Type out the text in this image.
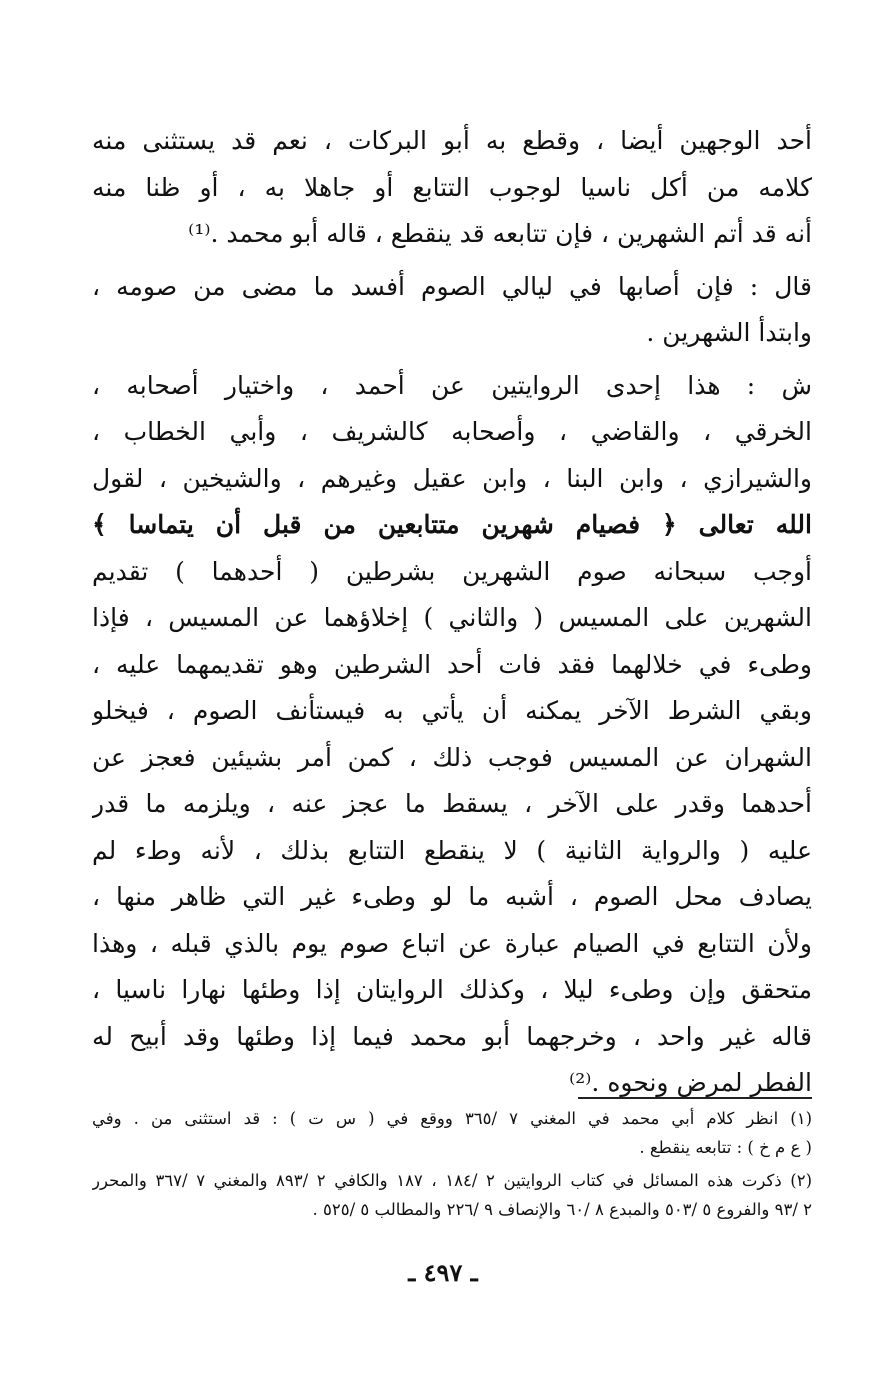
أحد الوجهين أيضا ، وقطع به أبو البركات ، نعم قد يستثنى منه
كلامه من أكل ناسيا لوجوب التتابع أو جاهلا به ، أو ظنا منه
أنه قد أتم الشهرين ، فإن تتابعه قد ينقطع ، قاله أبو محمد .⁽¹⁾
قال : فإن أصابها في ليالي الصوم أفسد ما مضى من صومه ،
وابتدأ الشهرين .
ش : هذا إحدى الروايتين عن أحمد ، واختيار أصحابه ،
الخرقي ، والقاضي ، وأصحابه كالشريف ، وأبي الخطاب ،
والشيرازي ، وابن البنا ، وابن عقيل وغيرهم ، والشيخين ، لقول
الله تعالى ﴿ فصيام شهرين متتابعين من قبل أن يتماسا ﴾
أوجب سبحانه صوم الشهرين بشرطين ( أحدهما ) تقديم
الشهرين على المسيس ( والثاني ) إخلاؤهما عن المسيس ، فإذا
وطىء في خلالهما فقد فات أحد الشرطين وهو تقديمهما عليه ،
وبقي الشرط الآخر يمكنه أن يأتي به فيستأنف الصوم ، فيخلو
الشهران عن المسيس فوجب ذلك ، كمن أمر بشيئين فعجز عن
أحدهما وقدر على الآخر ، يسقط ما عجز عنه ، ويلزمه ما قدر
عليه ( والرواية الثانية ) لا ينقطع التتابع بذلك ، لأنه وطء لم
يصادف محل الصوم ، أشبه ما لو وطىء غير التي ظاهر منها ،
ولأن التتابع في الصيام عبارة عن اتباع صوم يوم بالذي قبله ، وهذا
متحقق وإن وطىء ليلا ، وكذلك الروايتان إذا وطئها نهارا ناسيا ،
قاله غير واحد ، وخرجهما أبو محمد فيما إذا وطئها وقد أبيح له
الفطر لمرض ونحوه .⁽²⁾
(١) انظر كلام أبي محمد في المغني ٧ /٣٦٥ ووقع في ( س ت ) : قد استثنى من . وفي
( ع م خ ) : تتابعه ينقطع .
(٢) ذكرت هذه المسائل في كتاب الروايتين ٢ /١٨٤ ، ١٨٧ والكافي ٢ /٨٩٣ والمغني ٧ /٣٦٧ والمحرر
٢ /٩٣ والفروع ٥ /٥٠٣ والمبدع ٨ /٦٠ والإنصاف ٩ /٢٢٦ والمطالب ٥ /٥٢٥ .
ـ ٤٩٧ ـ
